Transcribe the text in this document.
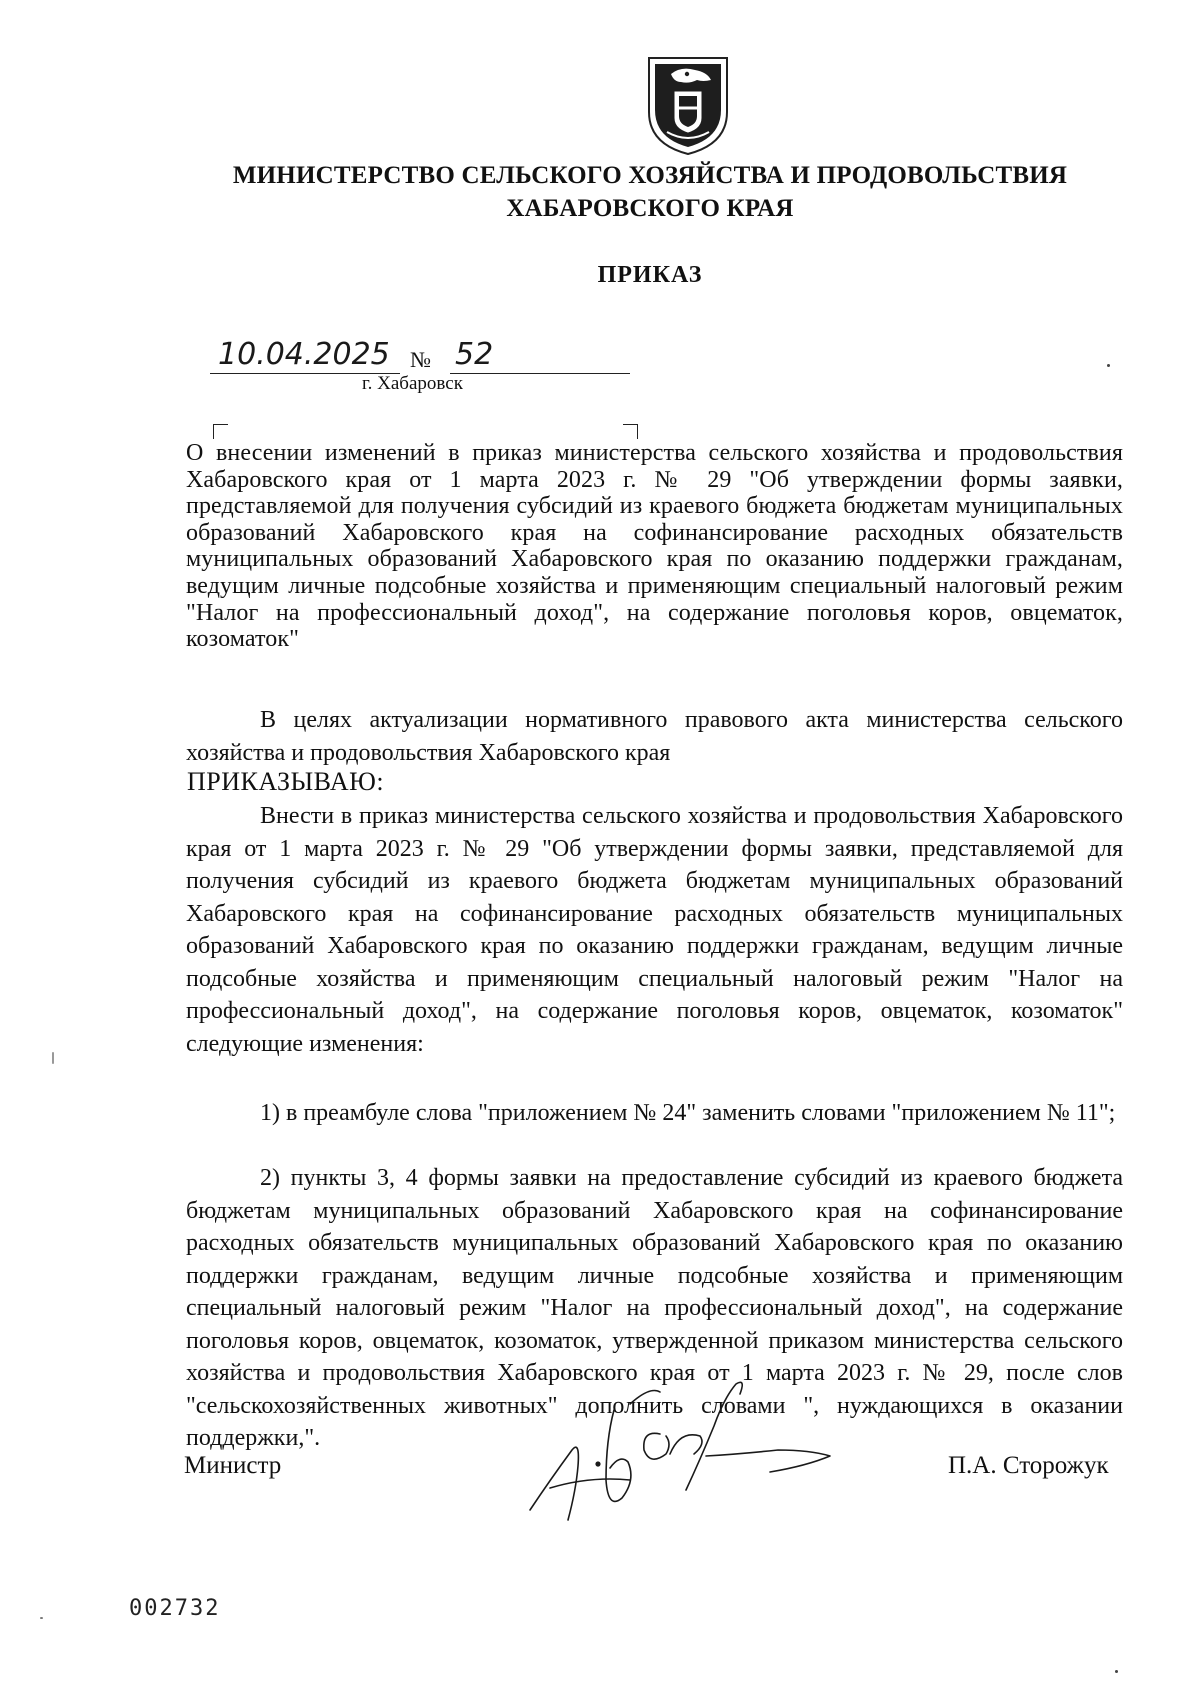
МИНИСТЕРСТВО СЕЛЬСКОГО ХОЗЯЙСТВА И ПРОДОВОЛЬСТВИЯ
ХАБАРОВСКОГО КРАЯ
ПРИКАЗ
10.04.2025 № 52
г. Хабаровск

О внесении изменений в приказ министерства сельского хозяйства и продовольствия Хабаровского края от 1 марта 2023 г. № 29 "Об утверждении формы заявки, представляемой для получения субсидий из краевого бюджета бюджетам муниципальных образований Хабаровского края на софинансирование расходных обязательств муниципальных образований Хабаровского края по оказанию поддержки гражданам, ведущим личные подсобные хозяйства и применяющим специальный налоговый режим "Налог на профессиональный доход", на содержание поголовья коров, овцематок, козоматок"

В целях актуализации нормативного правового акта министерства сельского хозяйства и продовольствия Хабаровского края

ПРИКАЗЫВАЮ:

Внести в приказ министерства сельского хозяйства и продовольствия Хабаровского края от 1 марта 2023 г. № 29 "Об утверждении формы заявки, представляемой для получения субсидий из краевого бюджета бюджетам муниципальных образований Хабаровского края на софинансирование расходных обязательств муниципальных образований Хабаровского края по оказанию поддержки гражданам, ведущим личные подсобные хозяйства и применяющим специальный налоговый режим "Налог на профессиональный доход", на содержание поголовья коров, овцематок, козоматок" следующие изменения:

1) в преамбуле слова "приложением № 24" заменить словами "приложением № 11";

2) пункты 3, 4 формы заявки на предоставление субсидий из краевого бюджета бюджетам муниципальных образований Хабаровского края на софинансирование расходных обязательств муниципальных образований Хабаровского края по оказанию поддержки гражданам, ведущим личные подсобные хозяйства и применяющим специальный налоговый режим "Налог на профессиональный доход", на содержание поголовья коров, овцематок, козоматок, утвержденной приказом министерства сельского хозяйства и продовольствия Хабаровского края от 1 марта 2023 г. № 29, после слов "сельскохозяйственных животных" дополнить словами ", нуждающихся в оказании поддержки,".

Министр	П.А. Сторожук
002732
